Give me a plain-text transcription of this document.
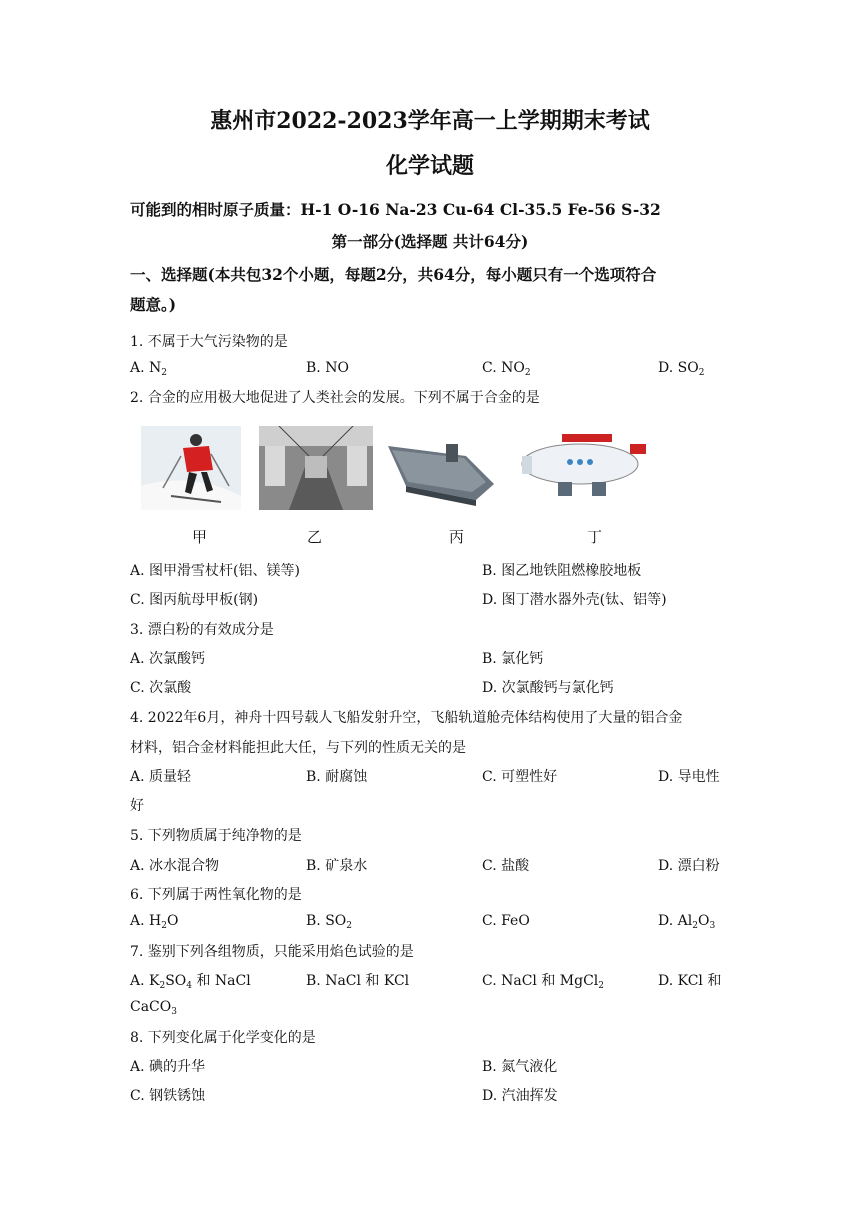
惠州市2022-2023学年高一上学期期末考试
化学试题
可能到的相时原子质量：H-1 O-16 Na-23 Cu-64 Cl-35.5 Fe-56 S-32
第一部分(选择题 共计64分)
一、选择题(本共包32个小题，每题2分，共64分，每小题只有一个选项符合
题意。)
1. 不属于大气污染物的是
A. $N_2$	B. NO	C. $NO_2$	D. $SO_2$
2. 合金的应用极大地促进了人类社会的发展。下列不属于合金的是
甲	乙	丙	丁
A. 图甲滑雪杖杆(铝、镁等)	B. 图乙地铁阻燃橡胶地板
C. 图丙航母甲板(钢)	D. 图丁潜水器外壳(钛、铝等)
3. 漂白粉的有效成分是
A. 次氯酸钙	B. 氯化钙
C. 次氯酸	D. 次氯酸钙与氯化钙
4. 2022年6月，神舟十四号载人飞船发射升空，飞船轨道舱壳体结构使用了大量的铝合金
材料，铝合金材料能担此大任，与下列的性质无关的是
A. 质量轻	B. 耐腐蚀	C. 可塑性好	D. 导电性
好
5. 下列物质属于纯净物的是
A. 冰水混合物	B. 矿泉水	C. 盐酸	D. 漂白粉
6. 下列属于两性氧化物的是
A. $H_2O$	B. $SO_2$	C. FeO	D. $Al_2O_3$
7. 鉴别下列各组物质，只能采用焰色试验的是
A. $K_2SO_4$ 和 NaCl	B. NaCl 和 KCl	C. NaCl 和 MgCl$_2$	D. KCl 和
CaCO$_3$
8. 下列变化属于化学变化的是
A. 碘的升华	B. 氮气液化
C. 钢铁锈蚀	D. 汽油挥发
